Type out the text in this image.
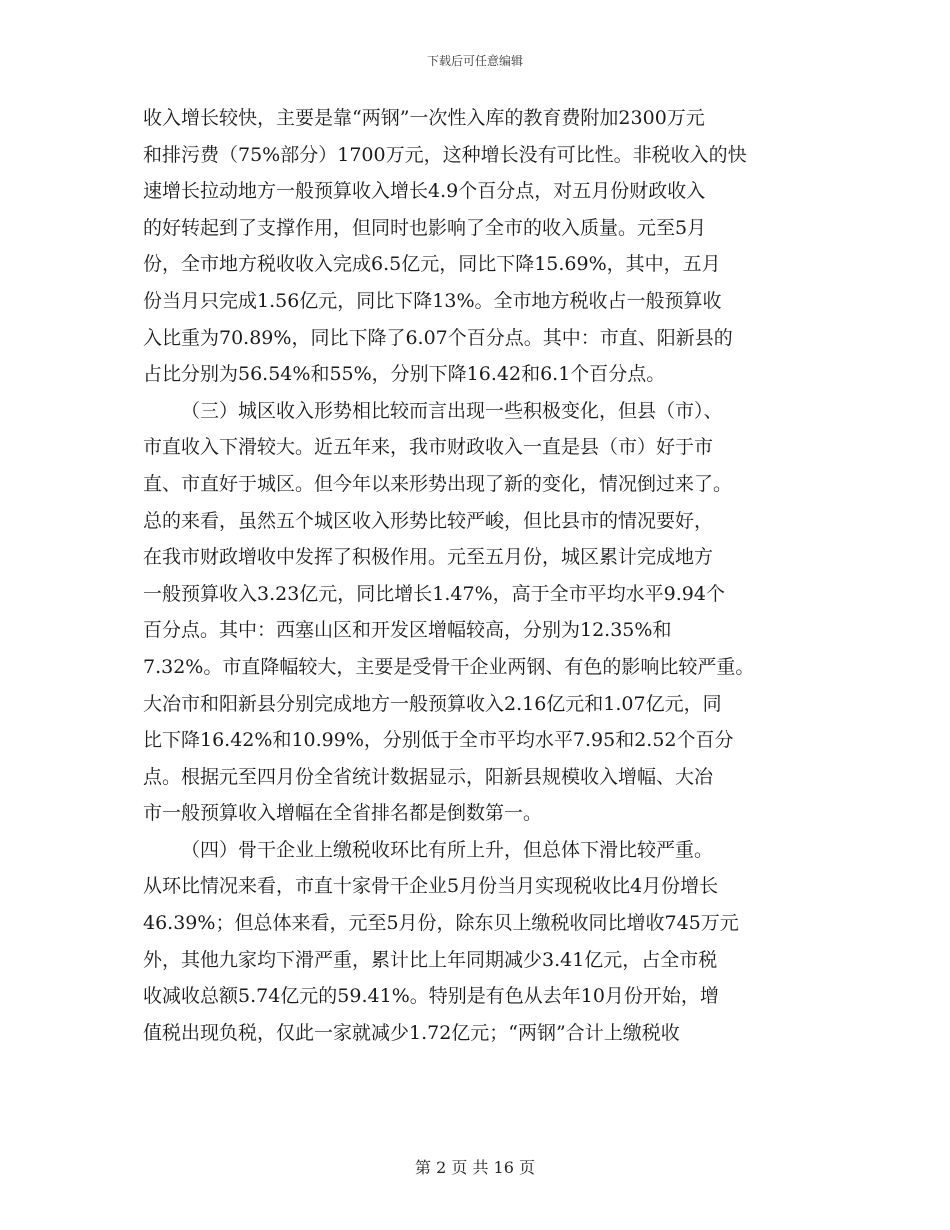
下载后可任意编辑
收入增长较快，主要是靠“两钢”一次性入库的教育费附加2300万元
和排污费（75%部分）1700万元，这种增长没有可比性。非税收入的快
速增长拉动地方一般预算收入增长4.9个百分点，对五月份财政收入
的好转起到了支撑作用，但同时也影响了全市的收入质量。元至5月
份，全市地方税收收入完成6.5亿元，同比下降15.69%，其中，五月
份当月只完成1.56亿元，同比下降13%。全市地方税收占一般预算收
入比重为70.89%，同比下降了6.07个百分点。其中：市直、阳新县的
占比分别为56.54%和55%，分别下降16.42和6.1个百分点。
（三）城区收入形势相比较而言出现一些积极变化，但县（市）、
市直收入下滑较大。近五年来，我市财政收入一直是县（市）好于市
直、市直好于城区。但今年以来形势出现了新的变化，情况倒过来了。
总的来看，虽然五个城区收入形势比较严峻，但比县市的情况要好，
在我市财政增收中发挥了积极作用。元至五月份，城区累计完成地方
一般预算收入3.23亿元，同比增长1.47%，高于全市平均水平9.94个
百分点。其中：西塞山区和开发区增幅较高，分别为12.35%和
7.32%。市直降幅较大，主要是受骨干企业两钢、有色的影响比较严重。
大冶市和阳新县分别完成地方一般预算收入2.16亿元和1.07亿元，同
比下降16.42%和10.99%，分别低于全市平均水平7.95和2.52个百分
点。根据元至四月份全省统计数据显示，阳新县规模收入增幅、大冶
市一般预算收入增幅在全省排名都是倒数第一。
（四）骨干企业上缴税收环比有所上升，但总体下滑比较严重。
从环比情况来看，市直十家骨干企业5月份当月实现税收比4月份增长
46.39%；但总体来看，元至5月份，除东贝上缴税收同比增收745万元
外，其他九家均下滑严重，累计比上年同期减少3.41亿元，占全市税
收减收总额5.74亿元的59.41%。特别是有色从去年10月份开始，增
值税出现负税，仅此一家就减少1.72亿元；“两钢”合计上缴税收
第 2 页 共 16 页
